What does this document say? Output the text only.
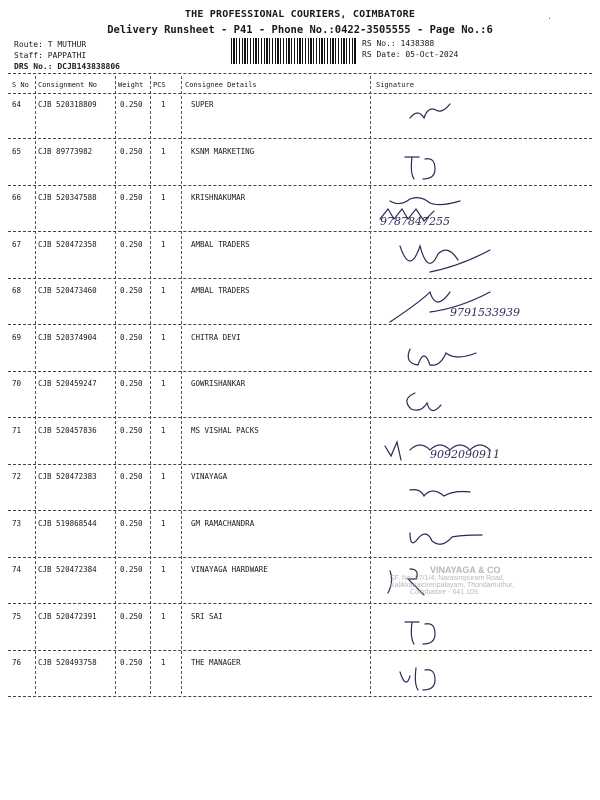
THE PROFESSIONAL COURIERS, COIMBATORE
Delivery Runsheet - P41 - Phone No.:0422-3505555 - Page No.:6
·
Route: T MUTHUR
Staff: PAPPATHI
DRS No.: DCJB143838806
RS No.: 1438388
RS Date: 05-Oct-2024
S No Consignment No	Weight PCS	Consignee Details	Signature
64 CJB 520318809	0.250 1	SUPER
65 CJB 89773982	0.250 1	KSNM MARKETING
66 CJB 520347588	0.250 1	KRISHNAKUMAR
9787847255
67 CJB 520472358	0.250 1	AMBAL TRADERS
68 CJB 520473460	0.250 1	AMBAL TRADERS
9791533939
69 CJB 520374904	0.250 1	CHITRA DEVI
70 CJB 520459247	0.250 1	GOWRISHANKAR
71 CJB 520457836	0.250 1	MS VISHAL PACKS
9092090911
72 CJB 520472383	0.250 1	VINAYAGA
73 CJB 519868544	0.250 1	GM RAMACHANDRA
74 CJB 520472384	0.250 1	VINAYAGA HARDWARE
75 CJB 520472391	0.250 1	SRI SAI
76 CJB 520493758	0.250 1	THE MANAGER
VINAYAGA & CO
SF. No: 87/1/4, Narasimpuram Road,
Kalikkanaickenpalayam, Thondamuthur,
Coimbatore - 641 109.
